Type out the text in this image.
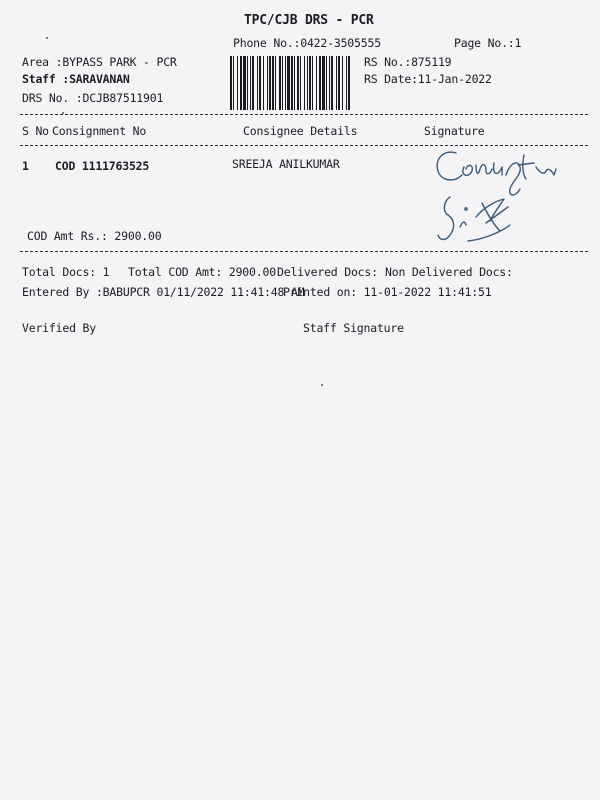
TPC/CJB DRS - PCR
Phone No.:0422-3505555	Page No.:1
Area :BYPASS PARK - PCR
Staff :SARAVANAN
DRS No. :DCJB87511901
RS No.:875119
RS Date:11-Jan-2022
S No Consignment No	Consignee Details	Signature
1 COD 1111763525	SREEJA ANILKUMAR
COD Amt Rs.: 2900.00
Total Docs: 1 Total COD Amt: 2900.00 Delivered Docs: Non Delivered Docs:
Entered By :BABUPCR 01/11/2022 11:41:48 AM
Printed on: 11-01-2022 11:41:51
Verified By	Staff Signature
